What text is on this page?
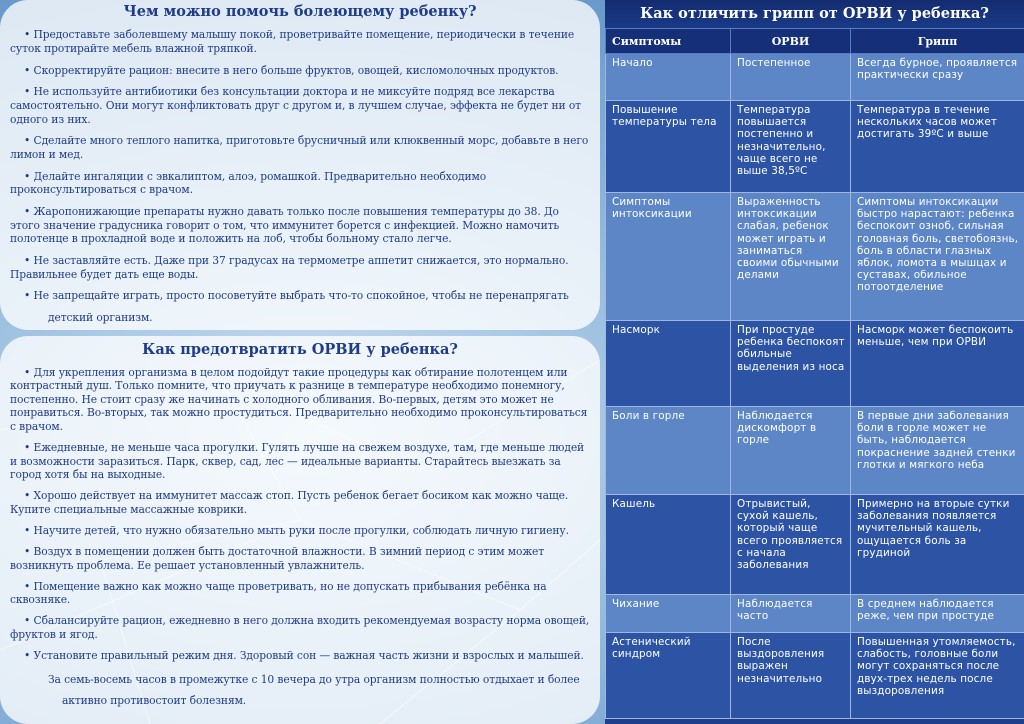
Чем можно помочь болеющему ребенку?
• Предоставьте заболевшему малышу покой, проветривайте помещение, периодически в течение суток протирайте мебель влажной тряпкой.
• Скорректируйте рацион: внесите в него больше фруктов, овощей, кисломолочных продуктов.
• Не используйте антибиотики без консультации доктора и не миксуйте подряд все лекарства самостоятельно. Они могут конфликтовать друг с другом и, в лучшем случае, эффекта не будет ни от одного из них.
• Сделайте много теплого напитка, приготовьте брусничный или клюквенный морс, добавьте в него лимон и мед.
• Делайте ингаляции с эвкалиптом, алоэ, ромашкой. Предварительно необходимо проконсультироваться с врачом.
• Жаропонижающие препараты нужно давать только после повышения температуры до 38. До этого значение градусника говорит о том, что иммунитет борется с инфекцией. Можно намочить полотенце в прохладной воде и положить на лоб, чтобы больному стало легче.
• Не заставляйте есть. Даже при 37 градусах на термометре аппетит снижается, это нормально. Правильнее будет дать еще воды.
• Не запрещайте играть, просто посоветуйте выбрать что-то спокойное, чтобы не перенапрягать
детский организм.
Как предотвратить ОРВИ у ребенка?
• Для укрепления организма в целом подойдут такие процедуры как обтирание полотенцем или контрастный душ. Только помните, что приучать к разнице в температуре необходимо понемногу, постепенно. Не стоит сразу же начинать с холодного обливания. Во-первых, детям это может не понравиться. Во-вторых, так можно простудиться. Предварительно необходимо проконсультироваться с врачом.
• Ежедневные, не меньше часа прогулки. Гулять лучше на свежем воздухе, там, где меньше людей и возможности заразиться. Парк, сквер, сад, лес — идеальные варианты. Старайтесь выезжать за город хотя бы на выходные.
• Хорошо действует на иммунитет массаж стоп. Пусть ребенок бегает босиком как можно чаще. Купите специальные массажные коврики.
• Научите детей, что нужно обязательно мыть руки после прогулки, соблюдать личную гигиену.
• Воздух в помещении должен быть достаточной влажности. В зимний период с этим может возникнуть проблема. Ее решает установленный увлажнитель.
• Помещение важно как можно чаще проветривать, но не допускать прибывания ребёнка на сквозняке.
• Сбалансируйте рацион, ежедневно в него должна входить рекомендуемая возрасту норма овощей, фруктов и ягод.
• Установите правильный режим дня. Здоровый сон — важная часть жизни и взрослых и малышей.
За семь-восемь часов в промежутке с 10 вечера до утра организм полностью отдыхает и более
активно противостоит болезням.
Как отличить грипп от ОРВИ у ребенка?
Симптомы	ОРВИ	Грипп
Начало	Постепенное	Всегда бурное, проявляется практически сразу
Повышение температуры тела	Температура повышается постепенно и незначительно, чаще всего не выше 38,5ºС	Температура в течение нескольких часов может достигать 39ºС и выше
Симптомы интоксикации	Выраженность интоксикации слабая, ребенок может играть и заниматься своими обычными делами	Симптомы интоксикации быстро нарастают: ребенка беспокоит озноб, сильная головная боль, светобоязнь, боль в области глазных яблок, ломота в мышцах и суставах, обильное потоотделение
Насморк	При простуде ребенка беспокоят обильные выделения из носа	Насморк может беспокоить меньше, чем при ОРВИ
Боли в горле	Наблюдается дискомфорт в горле	В первые дни заболевания боли в горле может не быть, наблюдается покраснение задней стенки глотки и мягкого неба
Кашель	Отрывистый, сухой кашель, который чаще всего проявляется с начала заболевания	Примерно на вторые сутки заболевания появляется мучительный кашель, ощущается боль за грудиной
Чихание	Наблюдается часто	В среднем наблюдается реже, чем при простуде
Астенический синдром	После выздоровления выражен незначительно	Повышенная утомляемость, слабость, головные боли могут сохраняться после двух-трех недель после выздоровления
